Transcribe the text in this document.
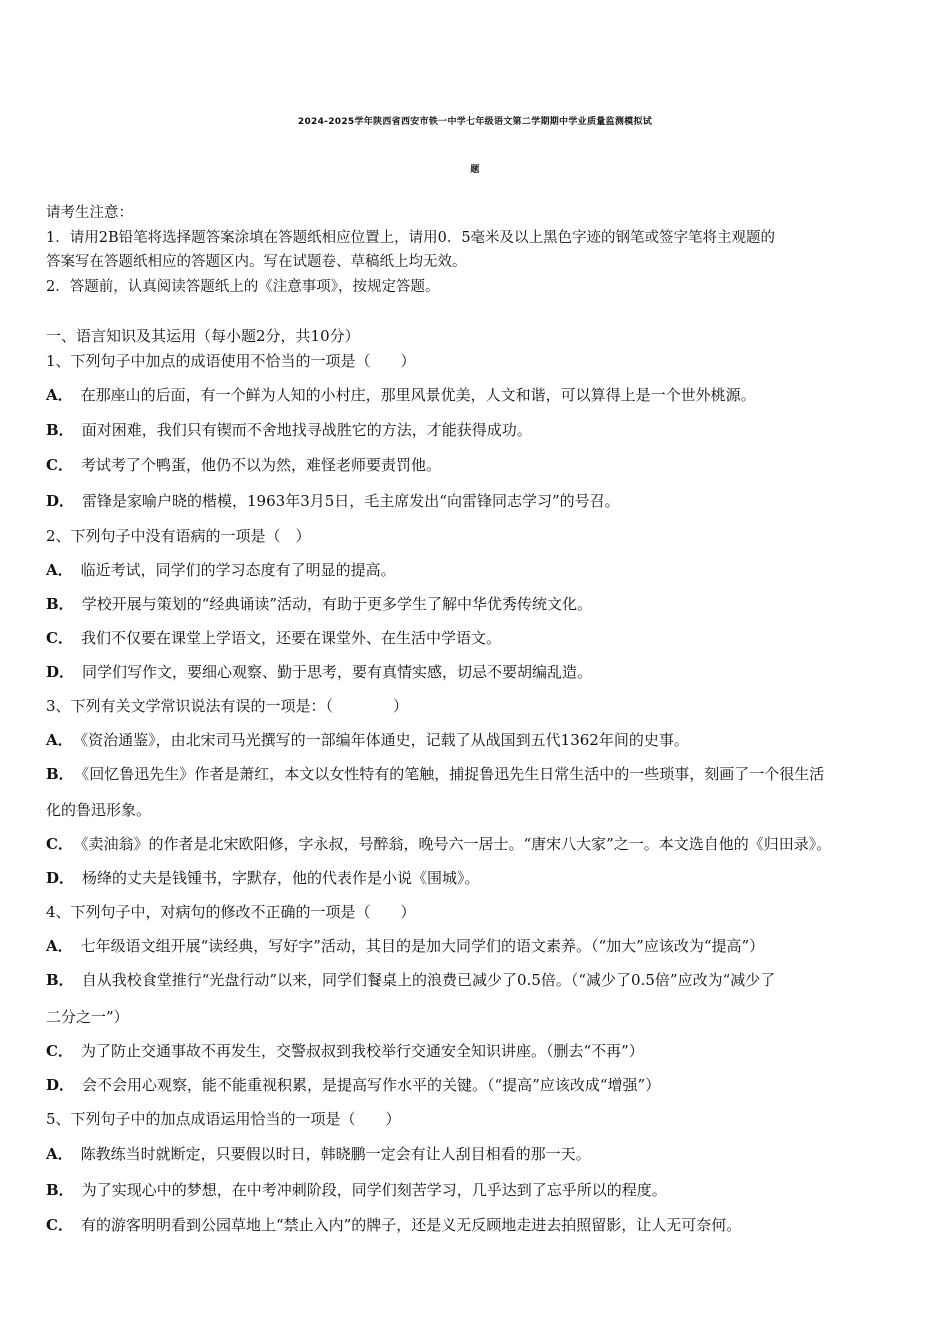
2024-2025学年陕西省西安市铁一中学七年级语文第二学期期中学业质量监测模拟试
题
请考生注意：
1．请用2B铅笔将选择题答案涂填在答题纸相应位置上，请用0．5毫米及以上黑色字迹的钢笔或签字笔将主观题的
答案写在答题纸相应的答题区内。写在试题卷、草稿纸上均无效。
2．答题前，认真阅读答题纸上的《注意事项》，按规定答题。
一、语言知识及其运用（每小题2分，共10分）
1、下列句子中加点的成语使用不恰当的一项是（　　）
A． 在那座山的后面，有一个鲜为人知的小村庄，那里风景优美，人文和谐，可以算得上是一个世外桃源。
B． 面对困难，我们只有锲而不舍地找寻战胜它的方法，才能获得成功。
C． 考试考了个鸭蛋，他仍不以为然，难怪老师要责罚他。
D． 雷锋是家喻户晓的楷模，1963年3月5日，毛主席发出“向雷锋同志学习”的号召。
2、下列句子中没有语病的一项是（　）
A． 临近考试，同学们的学习态度有了明显的提高。
B． 学校开展与策划的“经典诵读”活动，有助于更多学生了解中华优秀传统文化。
C． 我们不仅要在课堂上学语文，还要在课堂外、在生活中学语文。
D． 同学们写作文，要细心观察、勤于思考，要有真情实感，切忌不要胡编乱造。
3、下列有关文学常识说法有误的一项是：（　　　　）
A． 《资治通鉴》，由北宋司马光撰写的一部编年体通史，记载了从战国到五代1362年间的史事。
B． 《回忆鲁迅先生》作者是萧红，本文以女性特有的笔触，捕捉鲁迅先生日常生活中的一些琐事，刻画了一个很生活
化的鲁迅形象。
C． 《卖油翁》的作者是北宋欧阳修，字永叔，号醉翁，晚号六一居士。“唐宋八大家”之一。本文选自他的《归田录》。
D． 杨绛的丈夫是钱锺书，字默存，他的代表作是小说《围城》。
4、下列句子中，对病句的修改不正确的一项是（　　）
A． 七年级语文组开展“读经典，写好字”活动，其目的是加大同学们的语文素养。（“加大”应该改为“提高”）
B． 自从我校食堂推行“光盘行动”以来，同学们餐桌上的浪费已减少了0.5倍。（“减少了0.5倍”应改为“减少了
二分之一”）
C． 为了防止交通事故不再发生，交警叔叔到我校举行交通安全知识讲座。（删去“不再”）
D． 会不会用心观察，能不能重视积累，是提高写作水平的关键。（“提高”应该改成“增强”）
5、下列句子中的加点成语运用恰当的一项是（　　）
A． 陈教练当时就断定，只要假以时日，韩晓鹏一定会有让人刮目相看的那一天。
B． 为了实现心中的梦想，在中考冲刺阶段，同学们刻苦学习，几乎达到了忘乎所以的程度。
C． 有的游客明明看到公园草地上“禁止入内”的牌子，还是义无反顾地走进去拍照留影，让人无可奈何。
